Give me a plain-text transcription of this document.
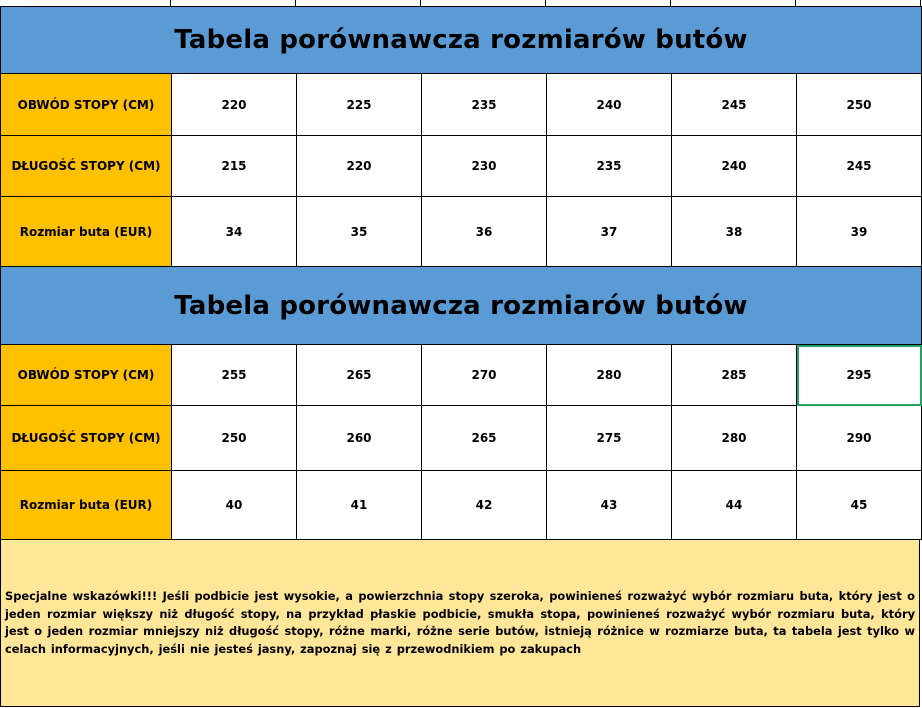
Tabela porównawcza rozmiarów butów						
OBWÓD STOPY (CM)	220	225	235	240	245	250
DŁUGOŚĆ STOPY (CM)	215	220	230	235	240	245
Rozmiar buta (EUR)	34	35	36	37	38	39
Tabela porównawcza rozmiarów butów						
OBWÓD STOPY (CM)	255	265	270	280	285	295
DŁUGOŚĆ STOPY (CM)	250	260	265	275	280	290
Rozmiar buta (EUR)	40	41	42	43	44	45

Specjalne wskazówki!!! Jeśli podbicie jest wysokie, a powierzchnia stopy szeroka, powinieneś rozważyć wybór rozmiaru buta, który jest o jeden rozmiar większy niż długość stopy, na przykład płaskie podbicie, smukła stopa, powinieneś rozważyć wybór rozmiaru buta, który jest o jeden rozmiar mniejszy niż długość stopy, różne marki, różne serie butów, istnieją różnice w rozmiarze buta, ta tabela jest tylko w celach informacyjnych, jeśli nie jesteś jasny, zapoznaj się z przewodnikiem po zakupach
